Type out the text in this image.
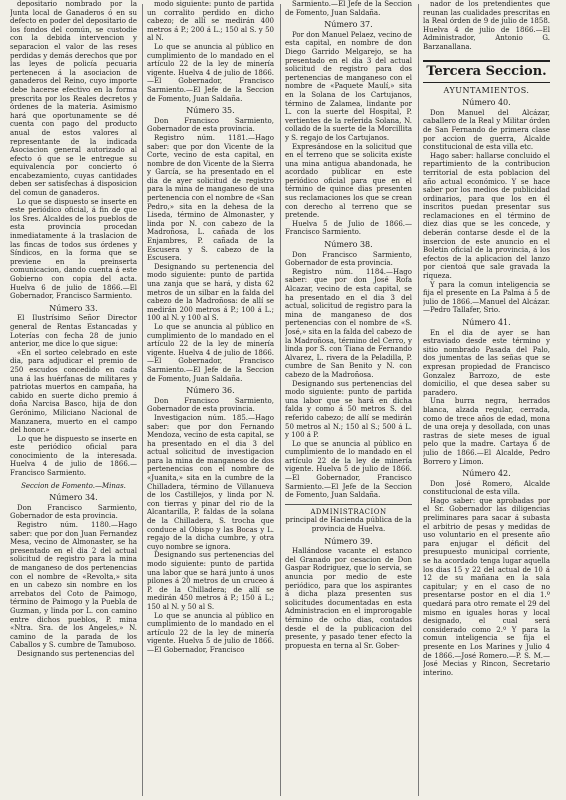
depositario nombrado por la Junta local de Ganaderos ó en su defecto en poder del depositario de los fondos del común, se custodie con la debida intervencion y separacion el valor de las reses perdidas y demás derechos que por las leyes de policía pecuaria pertenecen á la asociacion de ganaderos del Reino, cuyo importe debe hacerse efectivo en la forma prescrita por los Reales decretos y órdenes de la materia. Asimismo hará que oportunamente se dé cuenta con pago del producto anual de estos valores al representante de la indicada Asociacion general autorizado al efecto ó que se le entregue su equivalencia por concierto ó encabezamiento, cuyas cantidades deben ser satisfechas á disposicion del comun de ganaderos.

Lo que se dispuesto se inserte en este periódico oficial, á fin de que los Sres. Alcaldes de los pueblos de esta provincia procedan inmediatamente á la traslacion de las fincas de todos sus órdenes y Síndicos, en la forma que se previene en la preinserta comunicacion, dando cuenta á este Gobierno con copia del acta. Huelva 6 de julio de 1866.—El Gobernador, Francisco Sarmiento.

Número 33.

El Ilustrísimo Señor Director general de Rentas Estancadas y Loterías con fecha 28 de junio anterior, me dice lo que sigue:

«En el sorteo celebrado en este dia, para adjudicar el premio de 250 escudos concedido en cada una á las huérfanas de militares y patriotas muertos en campaña, ha cabido en suerte dicho premio á doña Narcisa Basco, hija de don Gerónimo, Miliciano Nacional de Manzanera, muerto en el campo del honor.»

Lo que he dispuesto se inserte en este periódico oficial para conocimiento de la interesada. Huelva 4 de julio de 1866.—Francisco Sarmiento.

Seccion de Fomento.—Minas.
Número 34.

Don Francisco Sarmiento, Gobernador de esta provincia.

Registro núm. 1180.—Hago saber: que por don Juan Fernandez Mesa, vecino de Almonaster, se ha presentado en el dia 2 del actual solicitud de registro para la mina de manganeso de dos pertenencias con el nombre de «Revolta,» sita en un cabezo sin nombre en los arrebatos del Coto de Paimogo, término de Paimogo y la Puebla de Guzman, y linda por L. con camino entre dichos pueblos, P. mina «Ntra. Sra. de los Angeles,» N. camino de la parada de los Caballos y S. cumbre de Tamuboso.

Designando sus pertenencias del

modo siguiente: punto de partida un corralito perdido en dicho cabezo; de allí se medirán 400 metros á P.; 200 á L.; 150 al S. y 50 al N.

Lo que se anuncia al público en cumplimiento de lo mandado en el artículo 22 de la ley de minería vigente. Huelva 4 de julio de 1866.—El Gobernador, Francisco Sarmiento.—El Jefe de la Seccion de Fomento, Juan Saldaña.

Número 35.

Don Francisco Sarmiento, Gobernador de esta provincia.

Registro núm. 1181.—Hago saber: que por don Vicente de la Corte, vecino de esta capital, en nombre de don Vicente de la Sierra y García, se ha presentado en el dia de ayer solicitud de registro para la mina de manganeso de una pertenencia con el nombre de «San Pedro,» sita en la dehesa de la Liseda, término de Almonaster, y linda por N. con cabezo de la Madroñosa, L. cañada de los Enjambres, P. cañada de la Escusera y S. cabezo de la Escusera.

Designando su pertenencia del modo siguiente: punto de partida una zanja que se hará, y dista 62 metros de un silbar en la falda del cabezo de la Madroñosa: de allí se medirán 200 metros á P.; 100 á L.; 100 al N. y 100 al S.

Lo que se anuncia al público en cumplimiento de lo mandado en el artículo 22 de la ley de minería vigente. Huelva 4 de julio de 1866.—El Gobernador, Francisco Sarmiento.—El Jefe de la Seccion de Fomento, Juan Saldaña.

Número 36.

Don Francisco Sarmiento, Gobernador de esta provincia.

Investigacion núm. 185.—Hago saber: que por don Fernando Mendoza, vecino de esta capital, se ha presentado en el dia 3 del actual solicitud de investigacion para la mina de manganeso de dos pertenencias con el nombre de «Juanita,» sita en la cumbre de la Chilladera, término de Villanueva de los Castillejos, y linda por N. con tierras y pinar del rio de la Alcantarilla, P. faldas de la solana de la Chilladera, S. trocha que conduce al Obispo y las Bocas y L. regajo de la dicha cumbre, y otra cuyo nombre se ignora.

Designando sus pertenencias del modo siguiente: punto de partida una labor que se hará junto á unos pilones á 20 metros de un cruceo á P. de la Chilladera; de allí se medirán 450 metros á P.; 150 á L.; 150 al N. y 50 al S.

Lo que se anuncia al público en cumplimiento de lo mandado en el artículo 22 de la ley de minería vigente. Huelva 5 de julio de 1866.—El Gobernador, Francisco

Sarmiento.—El Jefe de la Seccion de Fomento, Juan Saldaña.

Número 37.

Por don Manuel Pelaez, vecino de esta capital, en nombre de don Diego Garrido Melgarejo, se ha presentado en el dia 3 del actual solicitud de registro para dos pertenencias de manganeso con el nombre de «Paquete Maulí,» sita en la Solana de los Cartujanos, término de Zalamea, lindante por L. con la suerte del Hospital, P. vertientes de la referida Solana, N. collado de la suerte de la Morcillita y S. regajo de los Cartujanos.

Expresándose en la solicitud que en el terreno que se solicita existe una mina antigua abandonada, he acordado publicar en este periódico oficial para que en el término de quince dias presenten sus reclamaciones los que se crean con derecho al terreno que se pretende.

Huelva 5 de Julio de 1866.—Francisco Sarmiento.

Número 38.

Don Francisco Sarmiento, Gobernador de esta provincia.

Registro núm. 1184.—Hago saber: que por don José Rofa Alcazar, vecino de esta capital, se ha presentado en el dia 3 del actual, solicitud de registro para la mina de manganeso de dos pertenencias con el nombre de «S. José,» sita en la falda del cabezo de la Madroñosa, término del Cerro, y linda por S. con Tiana de Fernando Alvarez, L. rivera de la Peladilla, P. cumbre de San Benito y N. con cabezo de la Madroñosa.

Designando sus pertenencias del modo siguiente: punto de partida una labor que se hará en dicha falda y como á 50 metros S. del referido cabezo; de allí se medirán 50 metros al N.; 150 al S.; 500 á L. y 100 á P.

Lo que se anuncia al público en cumplimiento de lo mandado en el artículo 22 de la ley de minería vigente. Huelva 5 de julio de 1866.—El Gobernador, Francisco Sarmiento.—El Jefe de la Seccion de Fomento, Juan Saldaña.

ADMINISTRACION
principal de Hacienda pública de la provincia de Huelva.
Número 39.

Hallándose vacante el estanco del Granado por cesacion de Don Gaspar Rodriguez, que lo servia, se anuncia por medio de este periódico, para que los aspirantes á dicha plaza presenten sus solicitudes documentadas en esta Administracion en el improrogable término de ocho dias, contados desde el de la publicacion del presente, y pasado tener efecto la propuesta en terna al Sr. Gober-

nador de los pretendientes que reunan las cualidades prescritas en la Real órden de 9 de julio de 1858. Huelva 4 de julio de 1866.—El Administrador, Antonio G. Barzanallana.

Tercera Seccion.
AYUNTAMIENTOS.
Número 40.

Don Manuel del Alcázar, caballero de la Real y Militar órden de San Fernando de primera clase por accion de guerra, Alcalde constitucional de esta villa etc.

Hago saber: hallarse concluido el repartimiento de la contribucion territorial de esta poblacion del año actual económico. Y se hace saber por los medios de publicidad ordinarios, para que los en él inscritos puedan presentar sus reclamaciones en el término de diez dias que se les concede, y deberán contarse desde el de la insercion de este anuncio en el Boletin oficial de la provincia, á los efectos de la aplicacion del lanzo por cientoá que sale gravada la riqueza.

Y para la comun inteligencia se fija el presente en La Palma á 5 de julio de 1866.—Manuel del Alcázar.—Pedro Tallafer, Srio.

Número 41.

En el dia de ayer se han estraviado desde este término y sitio nombrado Pasada del Palo, dos jumentas de las señas que se expresan propiedad de Francisco Gonzalez Barrozo, de este domicilio, el que desea saber su paradero.

Una burra negra, herrados blanca, alzada regular, cerrada, como de trece años de edad, mona de una oreja y desollada, con unas rastras de siete meses de igual pelo que la madre. Cartaya 6 de julio de 1866.—El Alcalde, Pedro Borrero y Limon.

Número 42.

Don José Romero, Alcalde constitucional de esta villa.

Hago saber: que aprobadas por el Sr. Gobernador las diligencias preliminares para sacar á subasta el arbitrio de pesas y medidas de uso voluntario en el presente año para enjugar el déficit del presupuesto municipal corriente, se ha acordado tenga lugar aquella los dias 15 y 22 del actual de 10 á 12 de su mañana en la sala capitular; y en el caso de no presentarse postor en el dia 1.º quedará para otro remate el 29 del mismo en iguales horas y local designado, el cual será considerado como 2.º Y para la comun inteligencia se fija el presente en Los Marines y Julio 4 de 1866.—José Romero.—P. S. M.—José Mecias y Rincon, Secretario interino.
